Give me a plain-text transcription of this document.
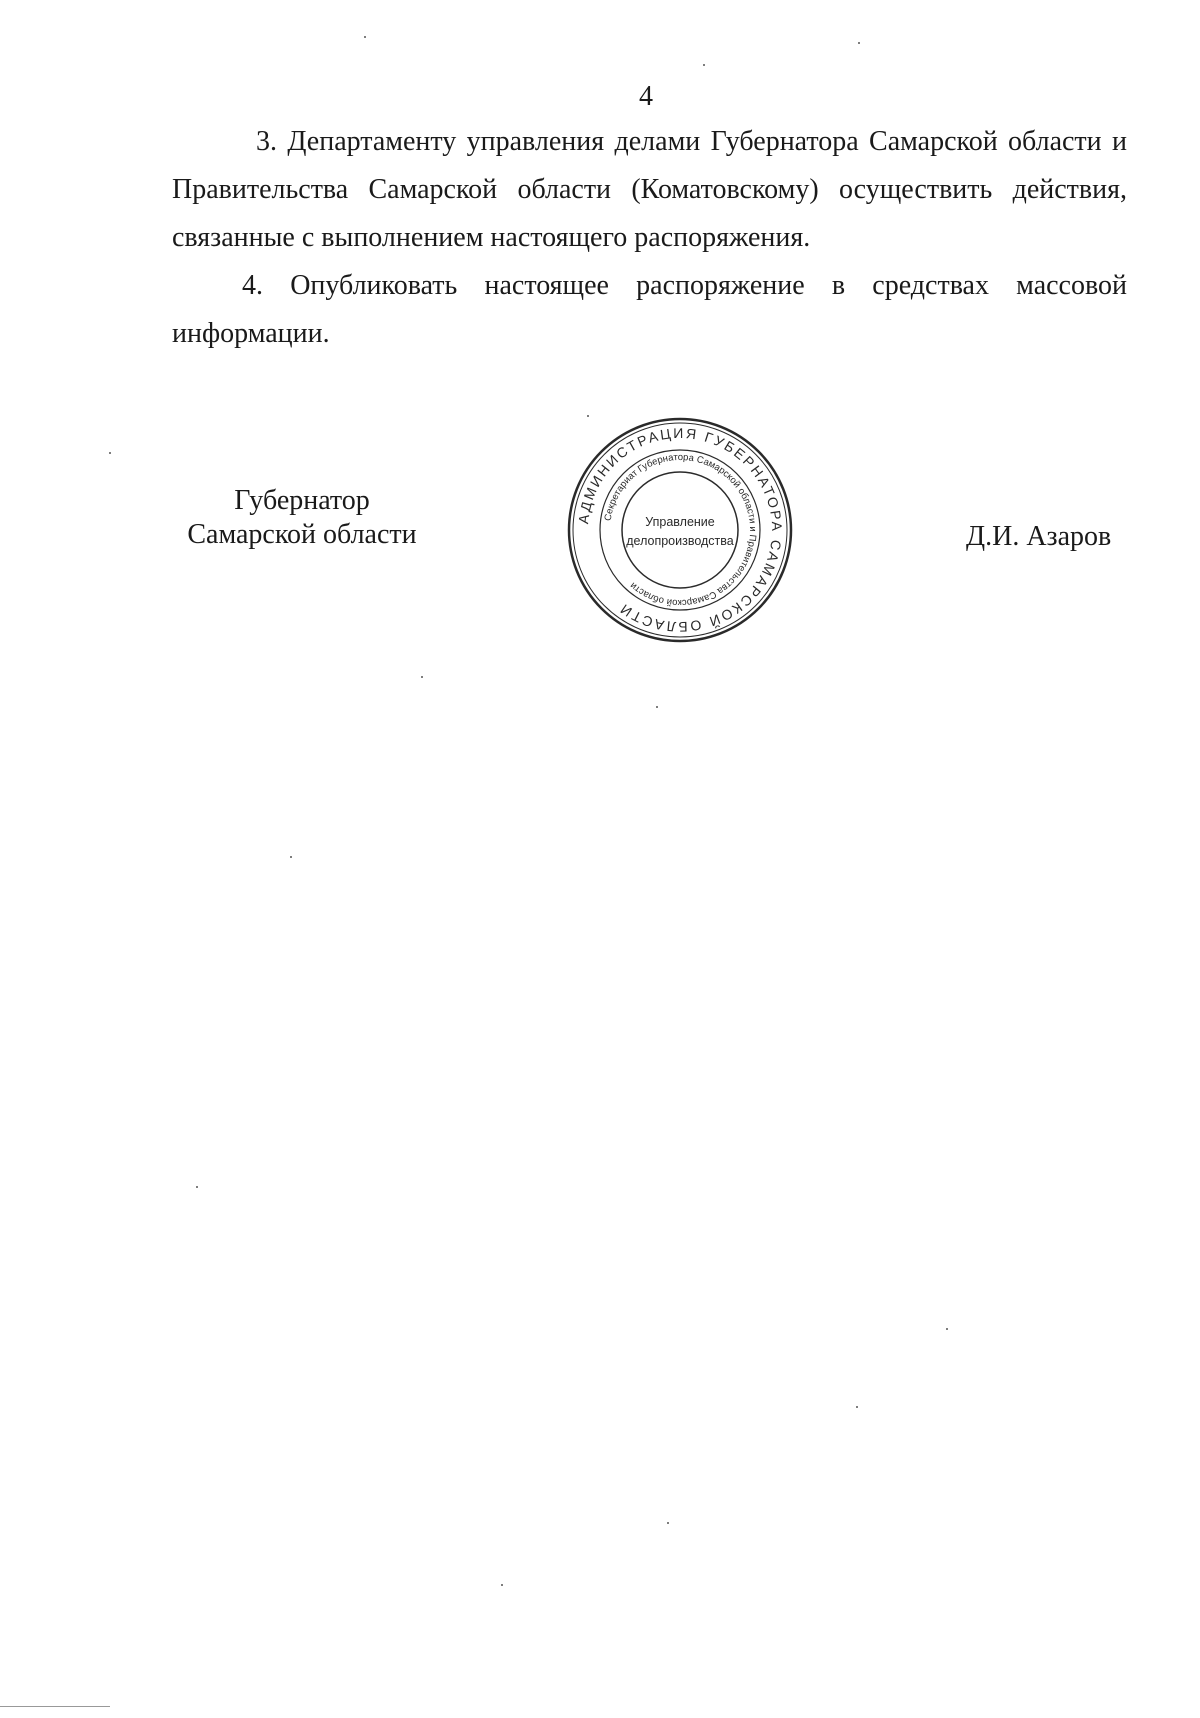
4

3. Департаменту управления делами Губернатора Самарской области и Правительства Самарской области (Коматовскому) осуществить действия, связанные с выполнением настоящего распоряжения.

4. Опубликовать настоящее распоряжение в средствах массовой информации.

Губернатор
Самарской области
АДМИНИСТРАЦИЯ ГУБЕРНАТОРА САМАРСКОЙ ОБЛАСТИ
Секретариат Губернатора Самарской области и Правительства Самарской области
Управление
делопроизводства	Д.И. Азаров
